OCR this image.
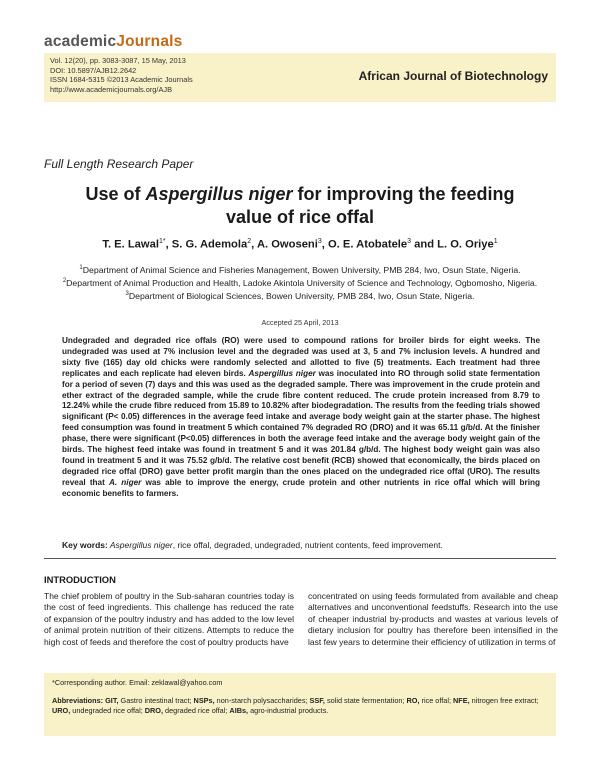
academicJournals
Vol. 12(20), pp. 3083-3087, 15 May, 2013
DOI: 10.5897/AJB12.2642
ISSN 1684-5315 ©2013 Academic Journals
http://www.academicjournals.org/AJB
African Journal of Biotechnology
Full Length Research Paper
Use of Aspergillus niger for improving the feeding
value of rice offal
T. E. Lawal$^{1*}$, S. G. Ademola$^2$, A. Owoseni$^3$, O. E. Atobatele$^3$ and L. O. Oriye$^1$
$^1$Department of Animal Science and Fisheries Management, Bowen University, PMB 284, Iwo, Osun State, Nigeria.
$^2$Department of Animal Production and Health, Ladoke Akintola University of Science and Technology, Ogbomosho, Nigeria.
$^3$Department of Biological Sciences, Bowen University, PMB 284, Iwo, Osun State, Nigeria.
Accepted 25 April, 2013
Undegraded and degraded rice offals (RO) were used to compound rations for broiler birds for eight weeks. The undegraded was used at 7% inclusion level and the degraded was used at 3, 5 and 7% inclusion levels. A hundred and sixty five (165) day old chicks were randomly selected and allotted to five (5) treatments. Each treatment had three replicates and each replicate had eleven birds. Aspergillus niger was inoculated into RO through solid state fermentation for a period of seven (7) days and this was used as the degraded sample. There was improvement in the crude protein and ether extract of the degraded sample, while the crude fibre content reduced. The crude protein increased from 8.79 to 12.24% while the crude fibre reduced from 15.89 to 10.82% after biodegradation. The results from the feeding trials showed significant (P< 0.05) differences in the average feed intake and average body weight gain at the starter phase. The highest feed consumption was found in treatment 5 which contained 7% degraded RO (DRO) and it was 65.11 g/b/d. At the finisher phase, there were significant (P<0.05) differences in both the average feed intake and the average body weight gain of the birds. The highest feed intake was found in treatment 5 and it was 201.84 g/b/d. The highest body weight gain was also found in treatment 5 and it was 75.52 g/b/d. The relative cost benefit (RCB) showed that economically, the birds placed on degraded rice offal (DRO) gave better profit margin than the ones placed on the undegraded rice offal (URO). The results reveal that A. niger was able to improve the energy, crude protein and other nutrients in rice offal which will bring economic benefits to farmers.
Key words: Aspergillus niger, rice offal, degraded, undegraded, nutrient contents, feed improvement.
INTRODUCTION
The chief problem of poultry in the Sub-saharan countries today is the cost of feed ingredients. This challenge has reduced the rate of expansion of the poultry industry and has added to the low level of animal protein nutrition of their citizens. Attempts to reduce the high cost of feeds and therefore the cost of poultry products have
concentrated on using feeds formulated from available and cheap alternatives and unconventional feedstuffs. Research into the use of cheaper industrial by-products and wastes at various levels of dietary inclusion for poultry has therefore been intensified in the last few years to determine their efficiency of utilization in terms of
*Corresponding author. Email: zeklawal@yahoo.com
Abbreviations: GIT, Gastro intestinal tract; NSPs, non-starch polysaccharides; SSF, solid state fermentation; RO, rice offal; NFE, nitrogen free extract; URO, undegraded rice offal; DRO, degraded rice offal; AIBs, agro-industrial products.
